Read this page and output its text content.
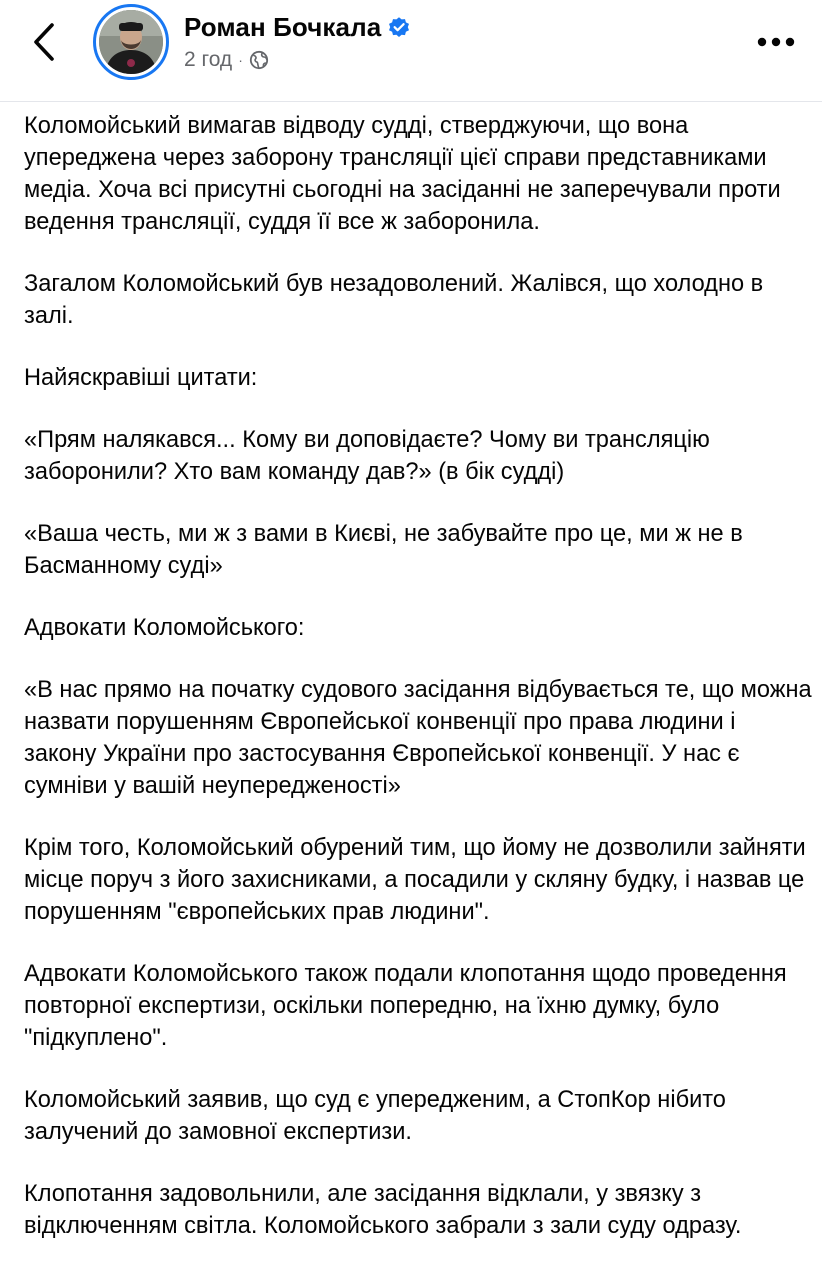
Роман Бочкала
2 год ·

Коломойський вимагав відводу судді, стверджуючи, що вона упереджена через заборону трансляції цієї справи представниками медіа. Хоча всі присутні сьогодні на засіданні не заперечували проти ведення трансляції, суддя її все ж заборонила.

Загалом Коломойський був незадоволений. Жалівся, що холодно в залі.

Найяскравіші цитати:

«Прям налякався... Кому ви доповідаєте? Чому ви трансляцію заборонили? Хто вам команду дав?» (в бік судді)

«Ваша честь, ми ж з вами в Києві, не забувайте про це, ми ж не в Басманному суді»

Адвокати Коломойського:

«В нас прямо на початку судового засідання відбувається те, що можна назвати порушенням Європейської конвенції про права людини і закону України про застосування Європейської конвенції. У нас є сумніви у вашій неупередженості»

Крім того, Коломойський обурений тим, що йому не дозволили зайняти місце поруч з його захисниками, а посадили у скляну будку, і назвав це порушенням "європейських прав людини".

Адвокати Коломойського також подали клопотання щодо проведення повторної експертизи, оскільки попередню, на їхню думку, було "підкуплено".

Коломойський заявив, що суд є упередженим, а СтопКор нібито залучений до замовної експертизи.

Клопотання задовольнили, але засідання відклали, у звязку з відключенням світла. Коломойського забрали з зали суду одразу.
